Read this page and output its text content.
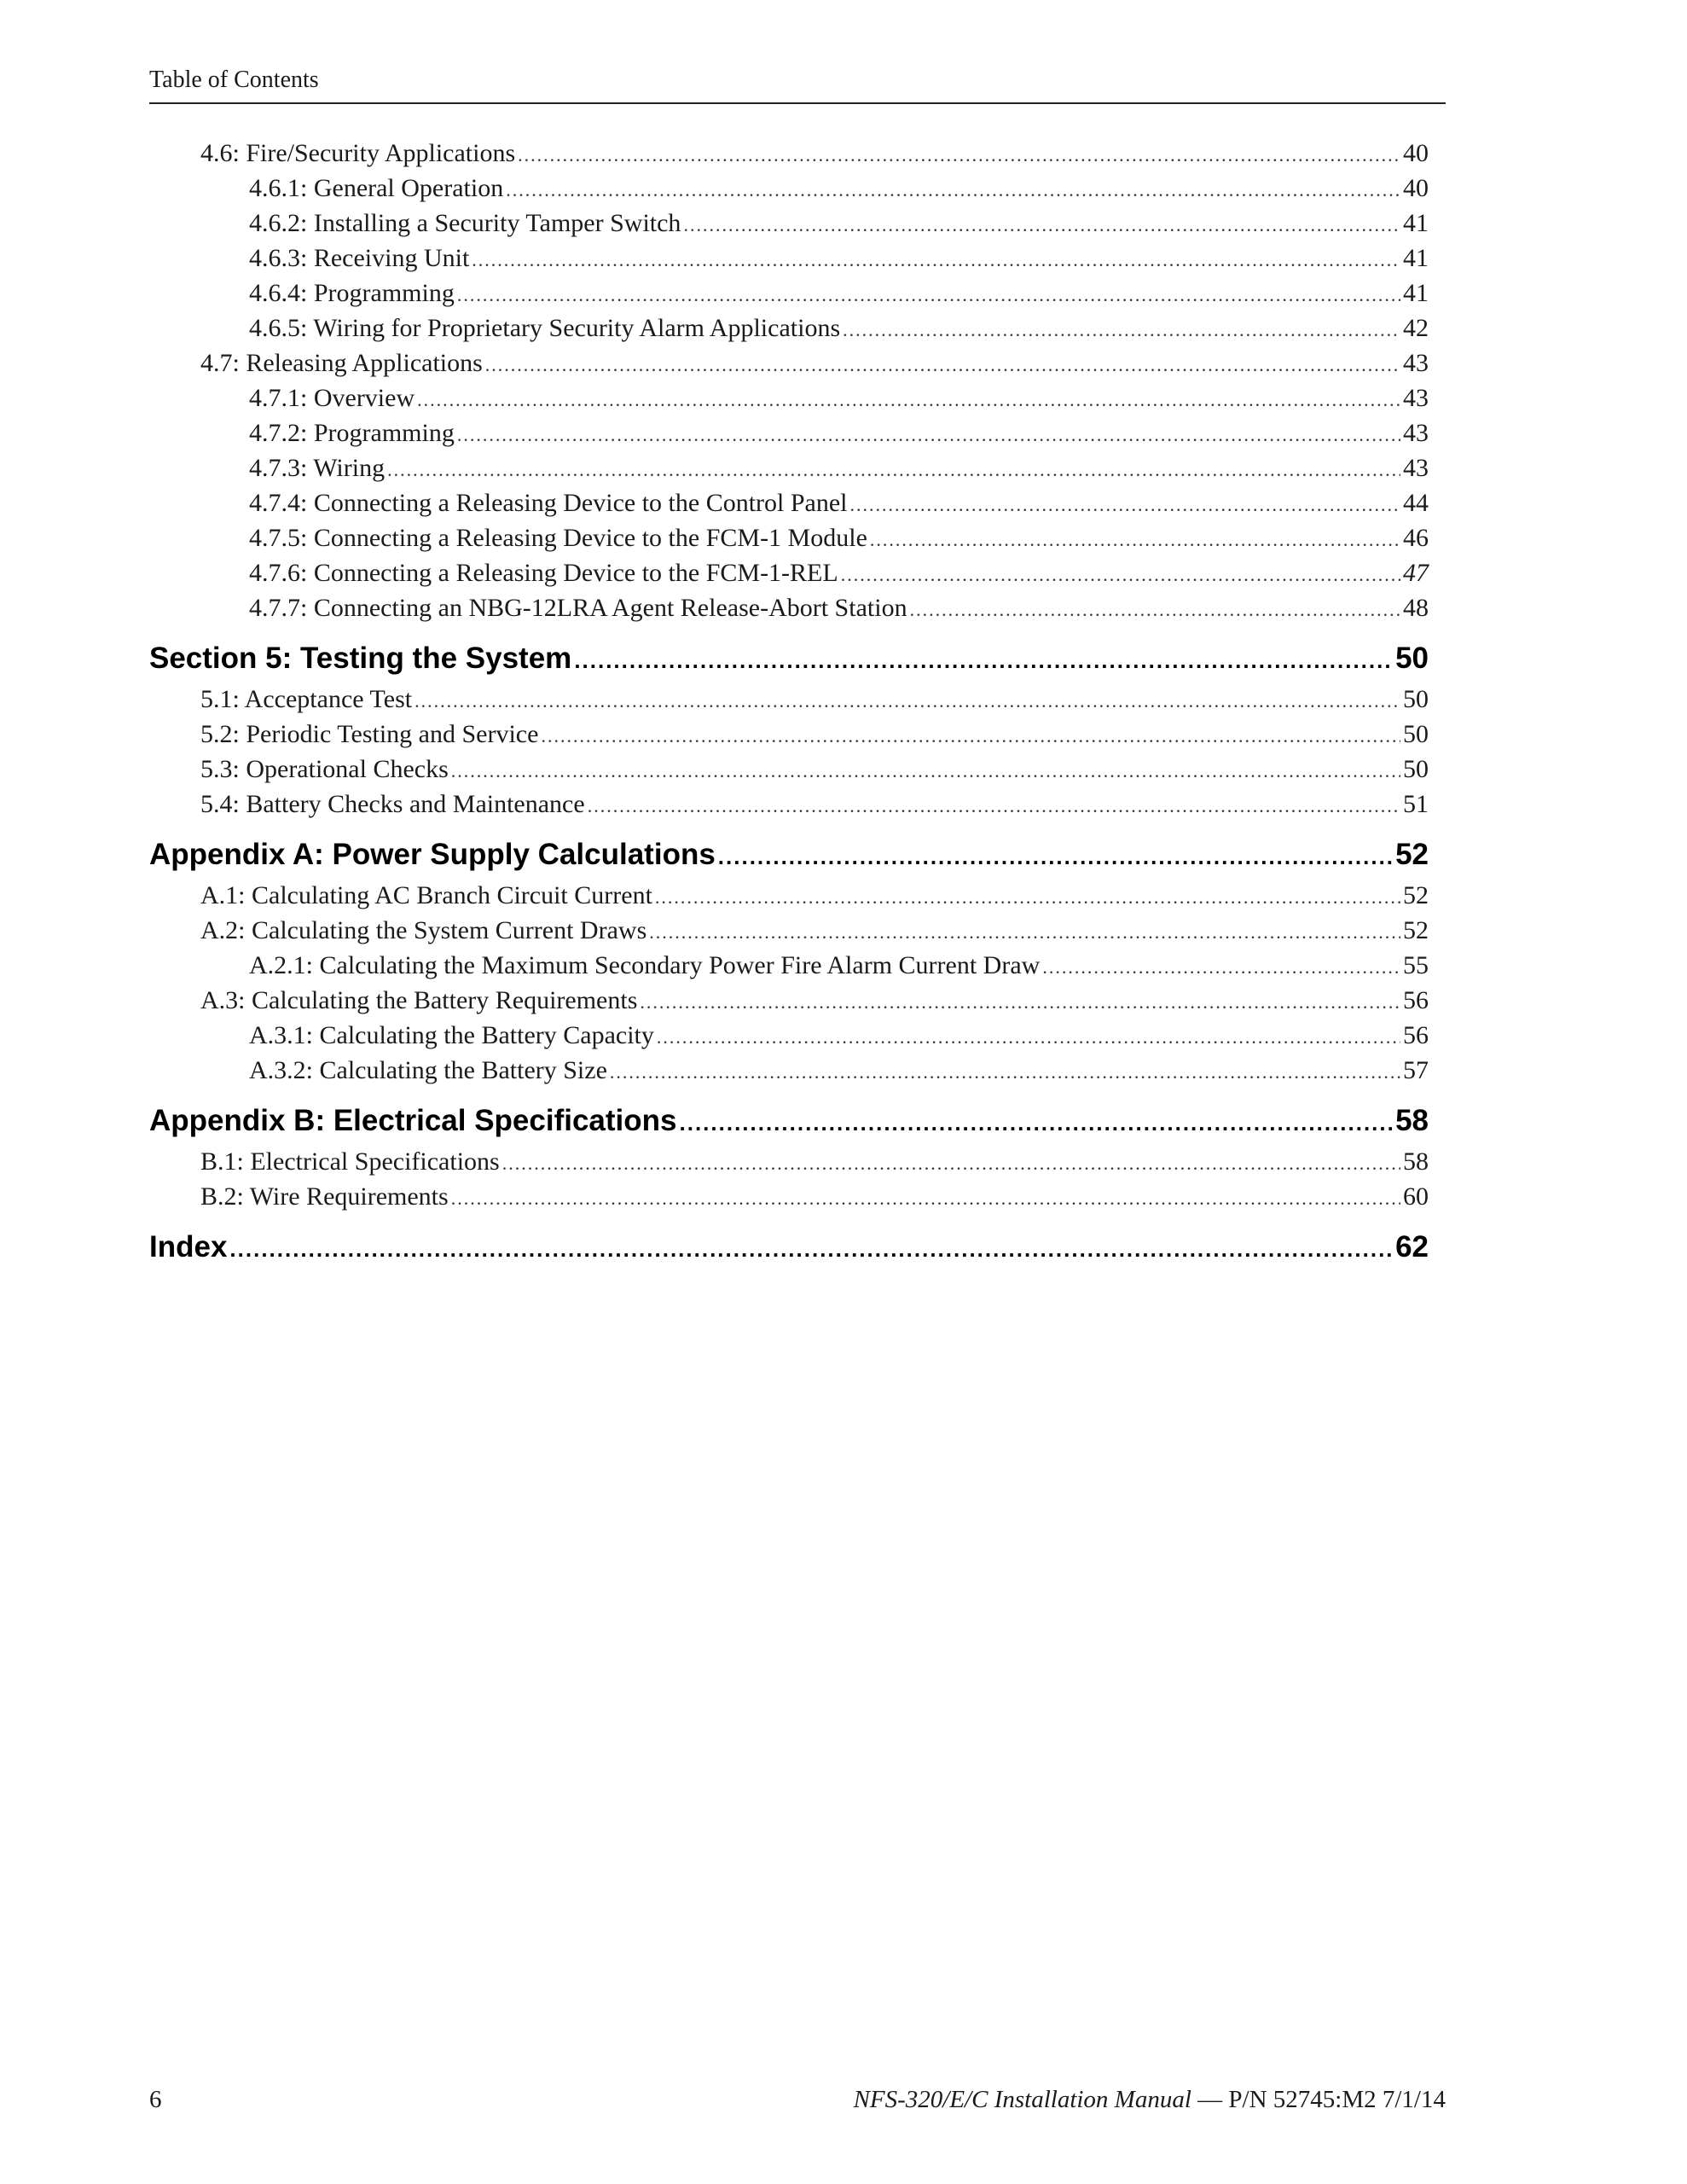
Table of Contents
4.6: Fire/Security Applications .....	40
4.6.1: General Operation .....	40
4.6.2: Installing a Security Tamper Switch .....	41
4.6.3: Receiving Unit .....	41
4.6.4: Programming .....	41
4.6.5: Wiring for Proprietary Security Alarm Applications .....	42
4.7: Releasing Applications .....	43
4.7.1: Overview .....	43
4.7.2: Programming .....	43
4.7.3: Wiring .....	43
4.7.4: Connecting a Releasing Device to the Control Panel .....	44
4.7.5: Connecting a Releasing Device to the FCM-1 Module .....	46
4.7.6: Connecting a Releasing Device to the FCM-1-REL .....	47
4.7.7: Connecting an NBG-12LRA Agent Release-Abort Station .....	48
Section 5: Testing the System .....	50
5.1: Acceptance Test .....	50
5.2: Periodic Testing and Service .....	50
5.3: Operational Checks .....	50
5.4: Battery Checks and Maintenance .....	51
Appendix A: Power Supply Calculations .....	52
A.1: Calculating AC Branch Circuit Current .....	52
A.2: Calculating the System Current Draws .....	52
A.2.1: Calculating the Maximum Secondary Power Fire Alarm Current Draw .....	55
A.3: Calculating the Battery Requirements .....	56
A.3.1: Calculating the Battery Capacity .....	56
A.3.2: Calculating the Battery Size .....	57
Appendix B: Electrical Specifications .....	58
B.1: Electrical Specifications .....	58
B.2: Wire Requirements .....	60
Index .....	62
6	NFS-320/E/C Installation Manual — P/N 52745:M2 7/1/14
